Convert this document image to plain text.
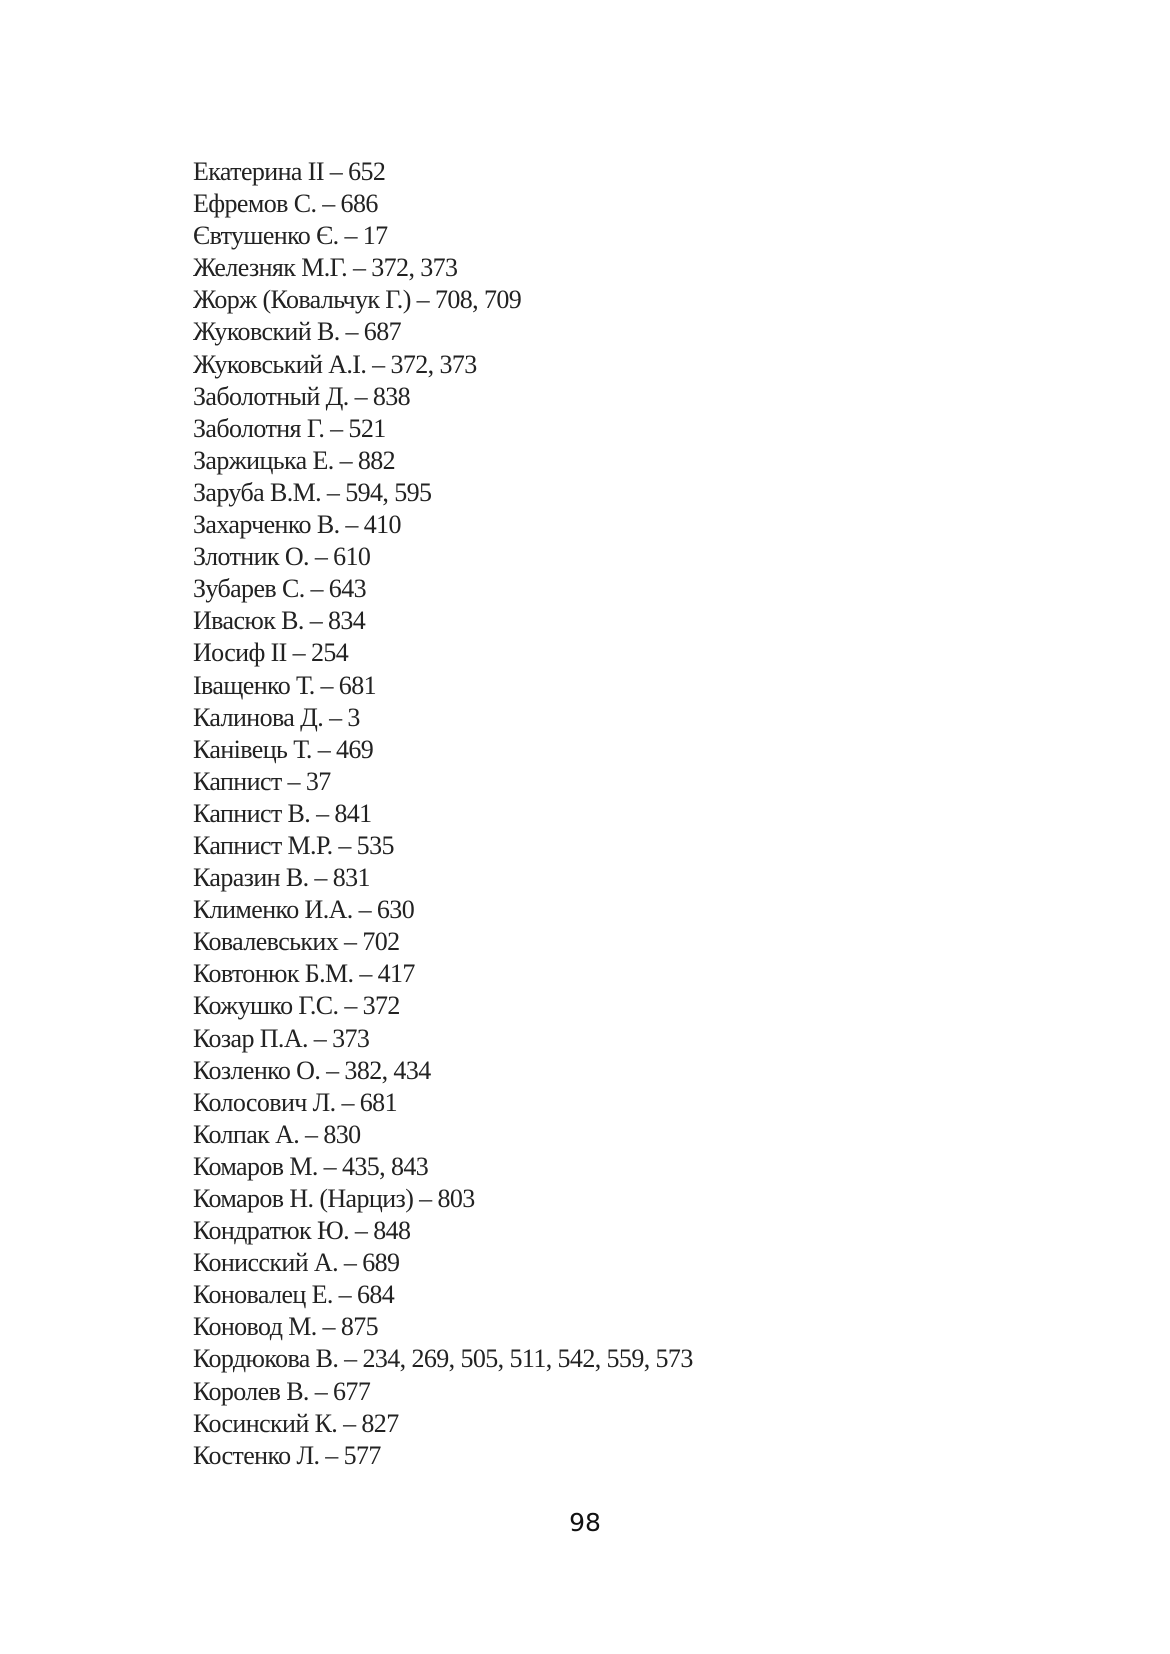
Екатерина II – 652
Ефремов С. – 686
Євтушенко Є. – 17
Железняк М.Г. – 372, 373
Жорж (Ковальчук Г.) – 708, 709
Жуковский В. – 687
Жуковський А.І. – 372, 373
Заболотный Д. – 838
Заболотня Г. – 521
Заржицька Е. – 882
Заруба В.М. – 594, 595
Захарченко В. – 410
Злотник О. – 610
Зубарев С. – 643
Ивасюк В. – 834
Иосиф II – 254
Іващенко Т. – 681
Калинова Д. – 3
Канівець Т. – 469
Капнист – 37
Капнист В. – 841
Капнист М.Р. – 535
Каразин В. – 831
Клименко И.А. – 630
Ковалевських – 702
Ковтонюк Б.М. – 417
Кожушко Г.С. – 372
Козар П.А. – 373
Козленко О. – 382, 434
Колосович Л. – 681
Колпак А. – 830
Комаров М. – 435, 843
Комаров Н. (Нарциз) – 803
Кондратюк Ю. – 848
Конисский А. – 689
Коновалец Е. – 684
Коновод М. – 875
Кордюкова В. – 234, 269, 505, 511, 542, 559, 573
Королев В. – 677
Косинский К. – 827
Костенко Л. – 577
98
